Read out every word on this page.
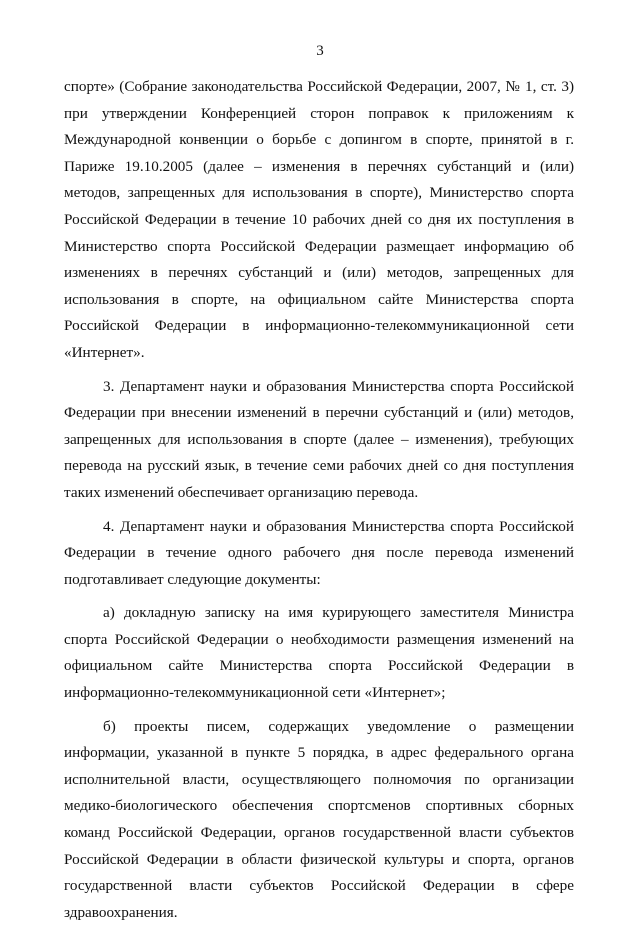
3

спорте» (Собрание законодательства Российской Федерации, 2007, № 1, ст. 3) при утверждении Конференцией сторон поправок к приложениям к Международной конвенции о борьбе с допингом в спорте, принятой в г. Париже 19.10.2005 (далее – изменения в перечнях субстанций и (или) методов, запрещенных для использования в спорте), Министерство спорта Российской Федерации в течение 10 рабочих дней со дня их поступления в Министерство спорта Российской Федерации размещает информацию об изменениях в перечнях субстанций и (или) методов, запрещенных для использования в спорте, на официальном сайте Министерства спорта Российской Федерации в информационно-телекоммуникационной сети «Интернет».

3. Департамент науки и образования Министерства спорта Российской Федерации при внесении изменений в перечни субстанций и (или) методов, запрещенных для использования в спорте (далее – изменения), требующих перевода на русский язык, в течение семи рабочих дней со дня поступления таких изменений обеспечивает организацию перевода.

4. Департамент науки и образования Министерства спорта Российской Федерации в течение одного рабочего дня после перевода изменений подготавливает следующие документы:

а) докладную записку на имя курирующего заместителя Министра спорта Российской Федерации о необходимости размещения изменений на официальном сайте Министерства спорта Российской Федерации в информационно-телекоммуникационной сети «Интернет»;

б) проекты писем, содержащих уведомление о размещении информации, указанной в пункте 5 порядка, в адрес федерального органа исполнительной власти, осуществляющего полномочия по организации медико-биологического обеспечения спортсменов спортивных сборных команд Российской Федерации, органов государственной власти субъектов Российской Федерации в области физической культуры и спорта, органов государственной власти субъектов Российской Федерации в сфере здравоохранения.
